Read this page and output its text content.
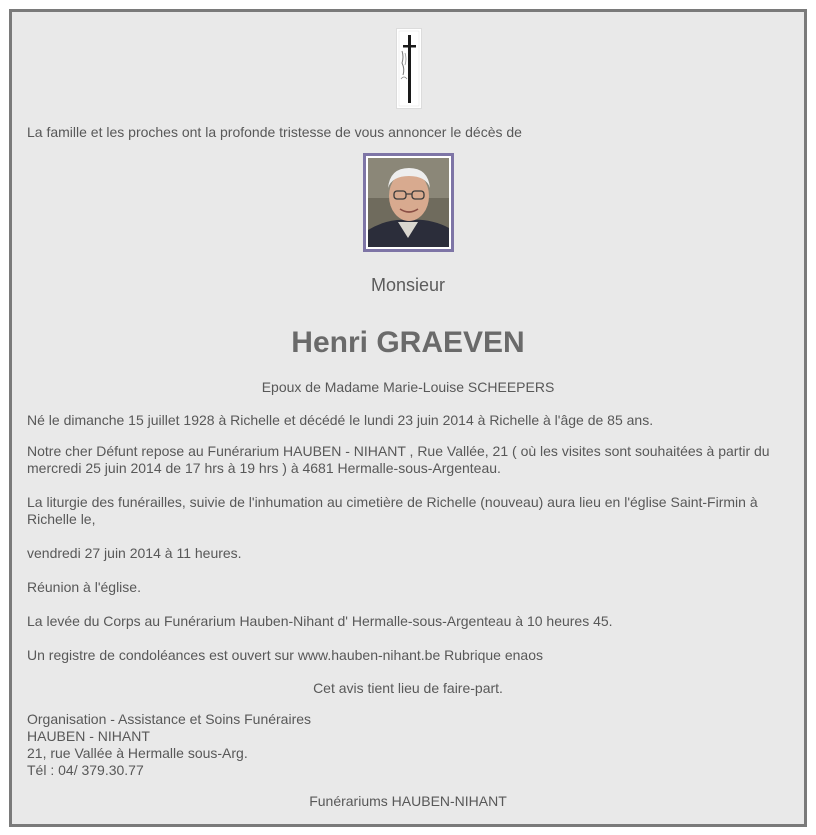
La famille et les proches ont la profonde tristesse de vous annoncer le décès de

Monsieur
Henri GRAEVEN
Epoux de Madame Marie-Louise SCHEEPERS

Né le dimanche 15 juillet 1928 à Richelle et décédé le lundi 23 juin 2014 à Richelle à l'âge de 85 ans.

Notre cher Défunt repose au Funérarium HAUBEN - NIHANT , Rue Vallée, 21 ( où les visites sont souhaitées à partir du mercredi 25 juin 2014 de 17 hrs à 19 hrs ) à 4681 Hermalle-sous-Argenteau.

La liturgie des funérailles, suivie de l'inhumation au cimetière de Richelle (nouveau) aura lieu en l'église Saint-Firmin à Richelle le,

vendredi 27 juin 2014 à 11 heures.

Réunion à l'église.

La levée du Corps au Funérarium Hauben-Nihant d' Hermalle-sous-Argenteau à 10 heures 45.

Un registre de condoléances est ouvert sur www.hauben-nihant.be Rubrique enaos

Cet avis tient lieu de faire-part.

Organisation - Assistance et Soins Funéraires
HAUBEN - NIHANT
21, rue Vallée à Hermalle sous-Arg.
Tél : 04/ 379.30.77

Funérariums HAUBEN-NIHANT
